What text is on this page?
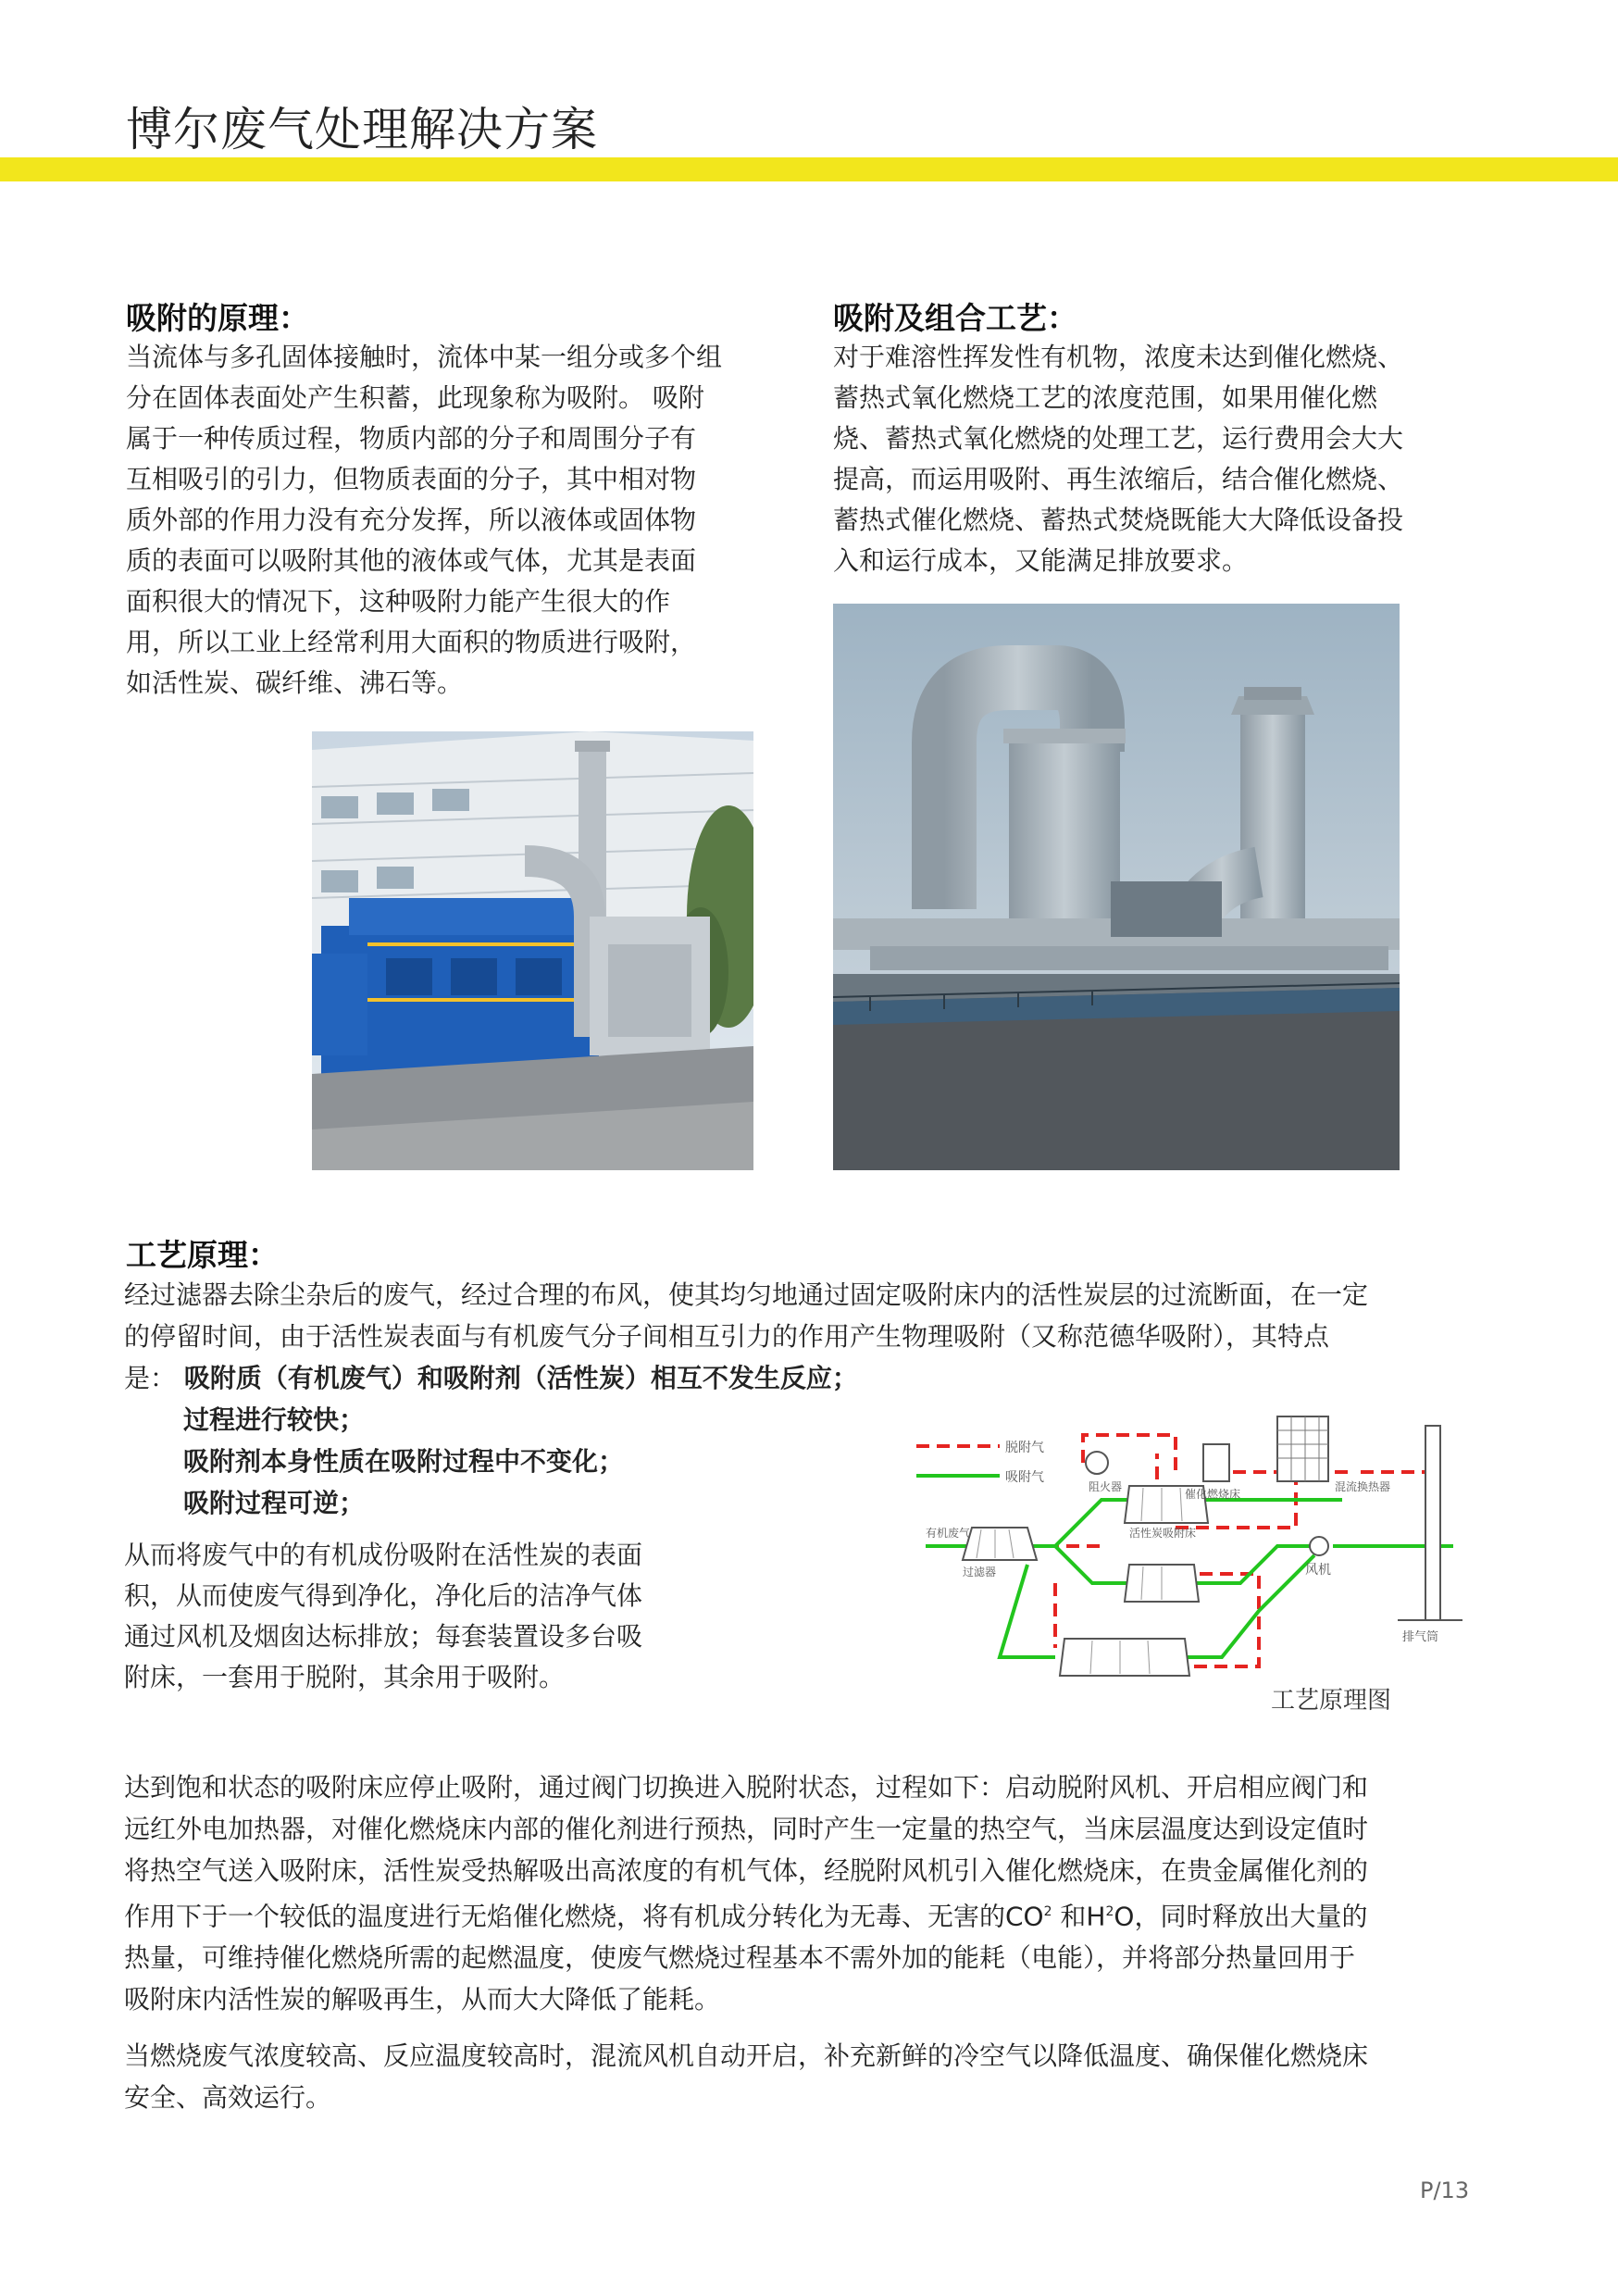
博尔废气处理解决方案
吸附的原理：
当流体与多孔固体接触时，流体中某一组分或多个组
分在固体表面处产生积蓄，此现象称为吸附。 吸附
属于一种传质过程，物质内部的分子和周围分子有
互相吸引的引力，但物质表面的分子，其中相对物
质外部的作用力没有充分发挥，所以液体或固体物
质的表面可以吸附其他的液体或气体，尤其是表面
面积很大的情况下，这种吸附力能产生很大的作
用，所以工业上经常利用大面积的物质进行吸附，
如活性炭、碳纤维、沸石等。
吸附及组合工艺：
对于难溶性挥发性有机物，浓度未达到催化燃烧、
蓄热式氧化燃烧工艺的浓度范围，如果用催化燃
烧、蓄热式氧化燃烧的处理工艺，运行费用会大大
提高，而运用吸附、再生浓缩后，结合催化燃烧、
蓄热式催化燃烧、蓄热式焚烧既能大大降低设备投
入和运行成本，又能满足排放要求。
工艺原理：
经过滤器去除尘杂后的废气，经过合理的布风，使其均匀地通过固定吸附床内的活性炭层的过流断面，在一定
的停留时间，由于活性炭表面与有机废气分子间相互引力的作用产生物理吸附（又称范德华吸附），其特点
是： 吸附质（有机废气）和吸附剂（活性炭）相互不发生反应；
过程进行较快；
吸附剂本身性质在吸附过程中不变化；
吸附过程可逆；
从而将废气中的有机成份吸附在活性炭的表面
积，从而使废气得到净化，净化后的洁净气体
通过风机及烟囱达标排放；每套装置设多台吸
附床，一套用于脱附，其余用于吸附。
脱附气
吸附气
阻火器
催化燃烧床
混流换热器
有机废气
过滤器
活性炭吸附床
风机
排气筒
工艺原理图
达到饱和状态的吸附床应停止吸附，通过阀门切换进入脱附状态，过程如下：启动脱附风机、开启相应阀门和
远红外电加热器，对催化燃烧床内部的催化剂进行预热，同时产生一定量的热空气，当床层温度达到设定值时
将热空气送入吸附床，活性炭受热解吸出高浓度的有机气体，经脱附风机引入催化燃烧床，在贵金属催化剂的
作用下于一个较低的温度进行无焰催化燃烧，将有机成分转化为无毒、无害的$CO^2$ 和$H^2O$，同时释放出大量的
热量，可维持催化燃烧所需的起燃温度，使废气燃烧过程基本不需外加的能耗（电能），并将部分热量回用于
吸附床内活性炭的解吸再生，从而大大降低了能耗。
当燃烧废气浓度较高、反应温度较高时，混流风机自动开启，补充新鲜的冷空气以降低温度、确保催化燃烧床
安全、高效运行。
P/13
